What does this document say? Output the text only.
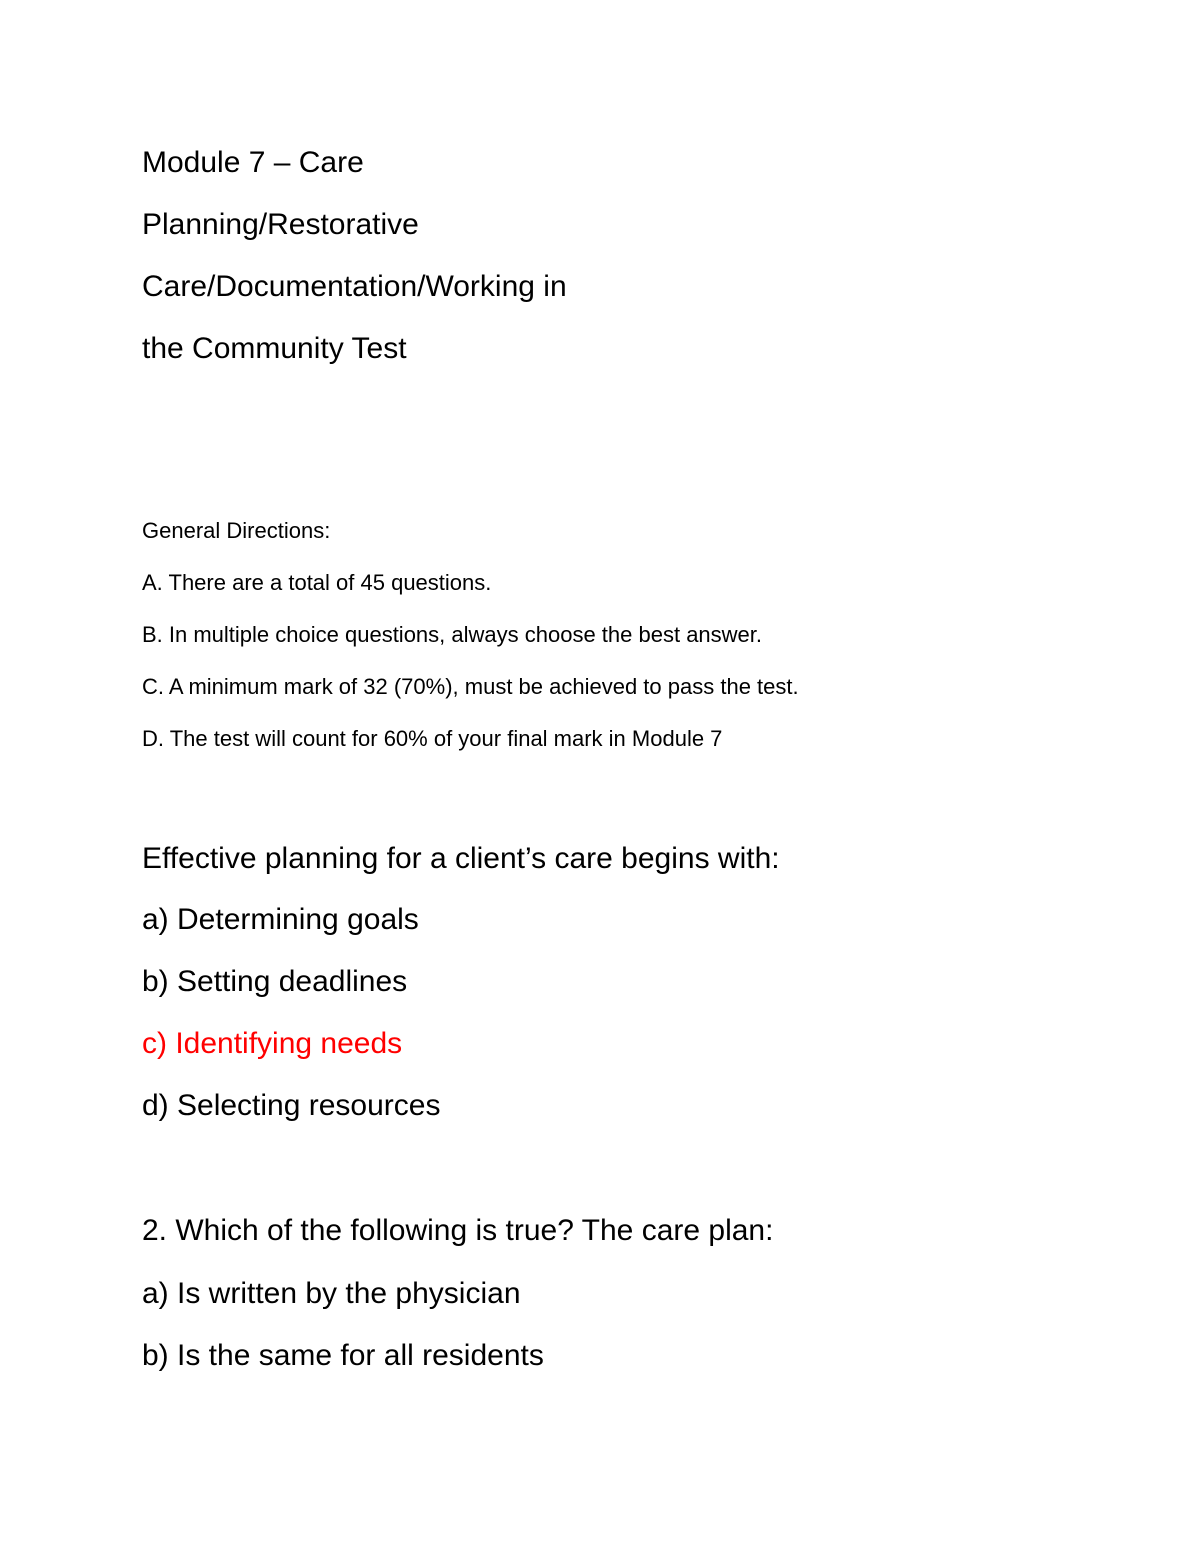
Module 7 – Care

Planning/Restorative

Care/Documentation/Working in

the Community Test

General Directions:

A. There are a total of 45 questions.

B. In multiple choice questions, always choose the best answer.

C. A minimum mark of 32 (70%), must be achieved to pass the test.

D. The test will count for 60% of your final mark in Module 7

Effective planning for a client’s care begins with:

a) Determining goals

b) Setting deadlines

c) Identifying needs

d) Selecting resources

2. Which of the following is true? The care plan:

a) Is written by the physician

b) Is the same for all residents
